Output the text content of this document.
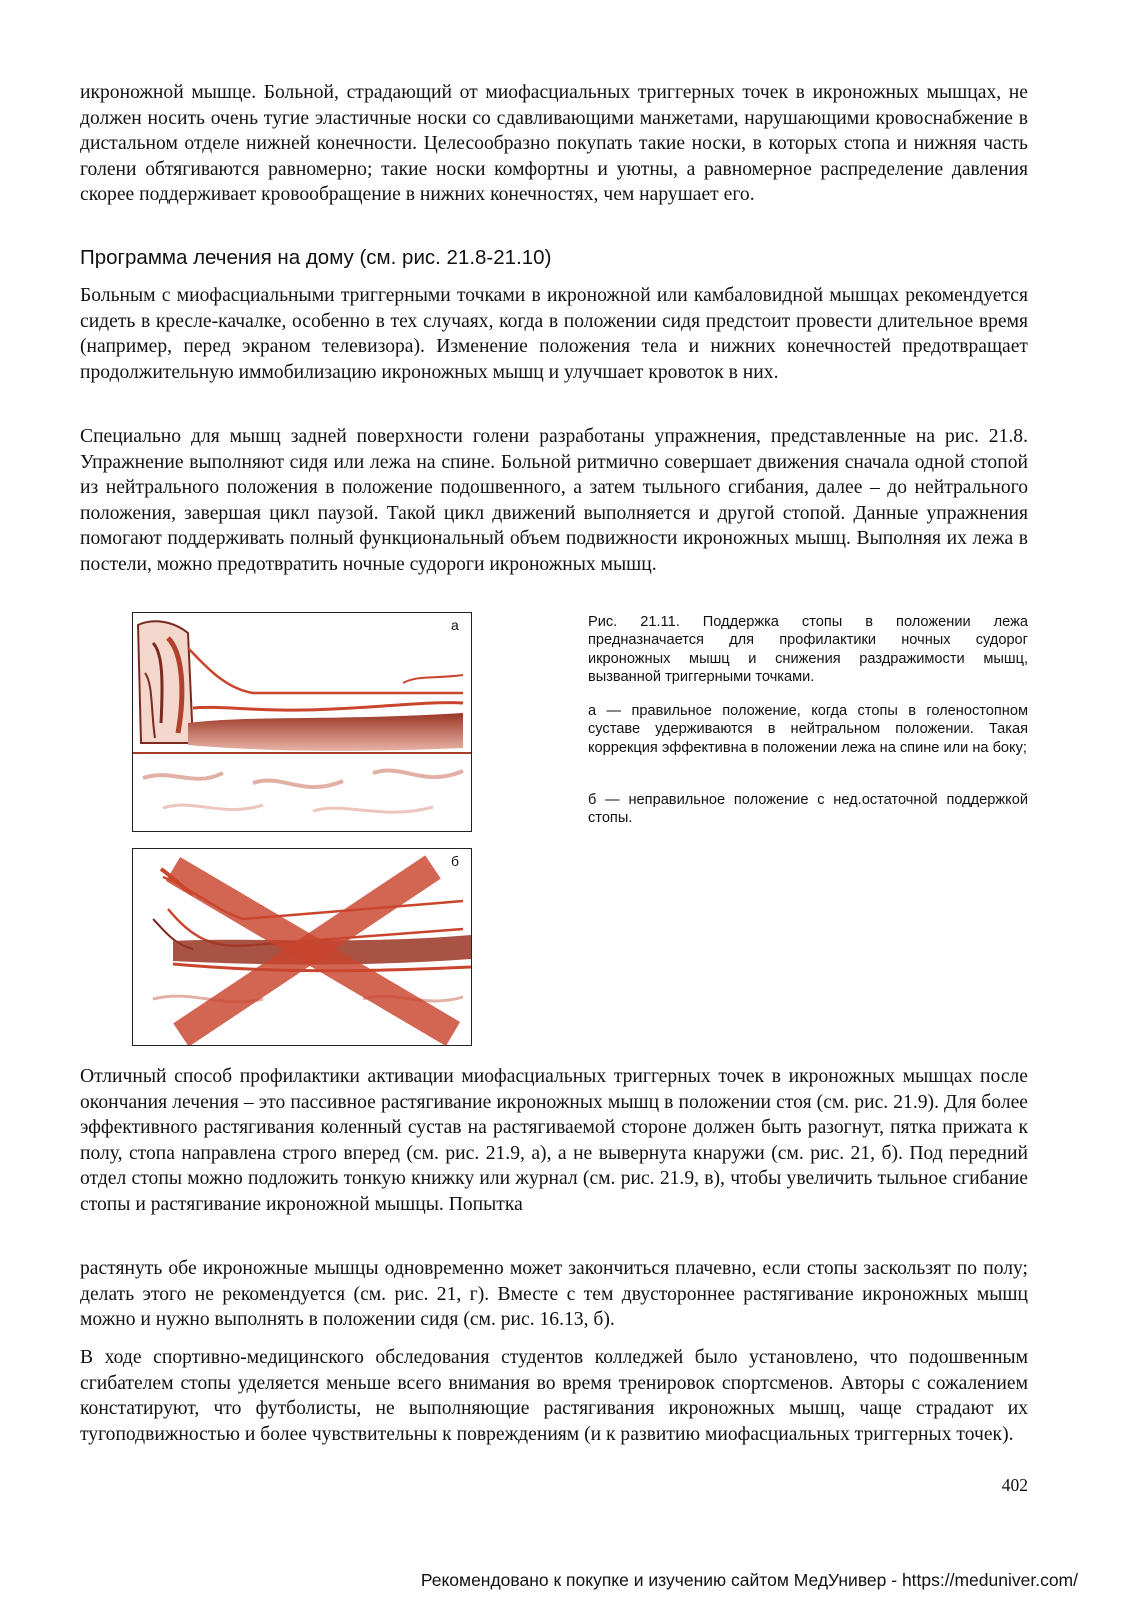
икроножной мышце. Больной, страдающий от миофасциальных триггерных точек в икроножных мышцах, не должен носить очень тугие эластичные носки со сдавливающими манжетами, нарушающими кровоснабжение в дистальном отделе нижней конечности. Целесообразно покупать такие носки, в которых стопа и нижняя часть голени обтягиваются равномерно; такие носки комфортны и уютны, а равномерное распределение давления скорее поддерживает кровообращение в нижних конечностях, чем нарушает его.

Программа лечения на дому (см. рис. 21.8-21.10)

Больным с миофасциальными триггерными точками в икроножной или камбаловидной мышцах рекомендуется сидеть в кресле-качалке, особенно в тех случаях, когда в положении сидя предстоит провести длительное время (например, перед экраном телевизора). Изменение положения тела и нижних конечностей предотвращает продолжительную иммобилизацию икроножных мышц и улучшает кровоток в них.

Специально для мышц задней поверхности голени разработаны упражнения, представленные на рис. 21.8. Упражнение выполняют сидя или лежа на спине. Больной ритмично совершает движения сначала одной стопой из нейтрального положения в положение подошвенного, а затем тыльного сгибания, далее – до нейтрального положения, завершая цикл паузой. Такой цикл движений выполняется и другой стопой. Данные упражнения помогают поддерживать полный функциональный объем подвижности икроножных мышц. Выполняя их лежа в постели, можно предотвратить ночные судороги икроножных мышц.

а
б

Рис. 21.11. Поддержка стопы в положении лежа предназначается для профилактики ночных судорог икроножных мышц и снижения раздражимости мышц, вызванной триггерными точками.

а — правильное положение, когда стопы в голеностопном суставе удерживаются в нейтральном положении. Такая коррекция эффективна в положении лежа на спине или на боку;

б — неправильное положение с нед.остаточной поддержкой стопы.

Отличный способ профилактики активации миофасциальных триггерных точек в икроножных мышцах после окончания лечения – это пассивное растягивание икроножных мышц в положении стоя (см. рис. 21.9). Для более эффективного растягивания коленный сустав на растягиваемой стороне должен быть разогнут, пятка прижата к полу, стопа направлена строго вперед (см. рис. 21.9, а), а не вывернута кнаружи (см. рис. 21, б). Под передний отдел стопы можно подложить тонкую книжку или журнал (см. рис. 21.9, в), чтобы увеличить тыльное сгибание стопы и растягивание икроножной мышцы. Попытка

растянуть обе икроножные мышцы одновременно может закончиться плачевно, если стопы заскользят по полу; делать этого не рекомендуется (см. рис. 21, г). Вместе с тем двустороннее растягивание икроножных мышц можно и нужно выполнять в положении сидя (см. рис. 16.13, б).

В ходе спортивно-медицинского обследования студентов колледжей было установлено, что подошвенным сгибателем стопы уделяется меньше всего внимания во время тренировок спортсменов. Авторы с сожалением констатируют, что футболисты, не выполняющие растягивания икроножных мышц, чаще страдают их тугоподвижностью и более чувствительны к повреждениям (и к развитию миофасциальных триггерных точек).

402
Рекомендовано к покупке и изучению сайтом МедУнивер - https://meduniver.com/
